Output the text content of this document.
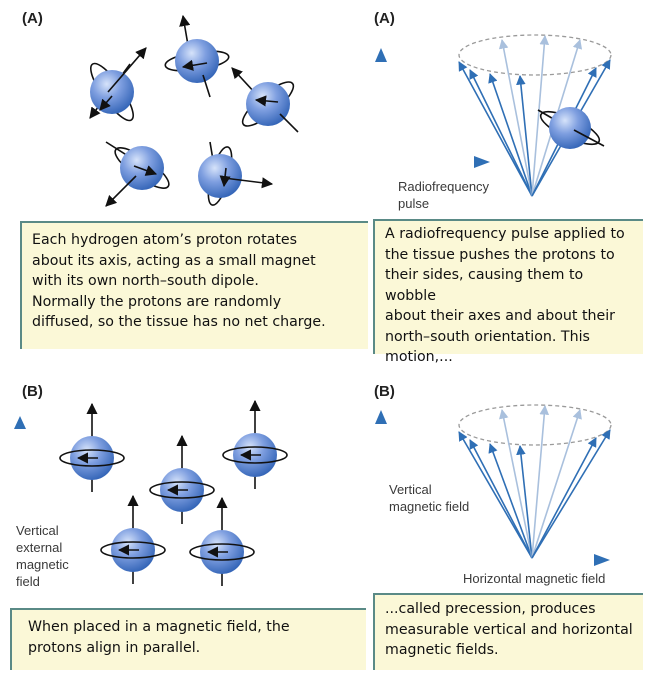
(A)	(A)
(B)	(B)
Radiofrequency
pulse
Vertical
external
magnetic
field
Vertical
magnetic field
Horizontal magnetic field
Each hydrogen atom’s proton rotates
about its axis, acting as a small magnet
with its own north–south dipole.
Normally the protons are randomly
diffused, so the tissue has no net charge.
A radiofrequency pulse applied to
the tissue pushes the protons to
their sides, causing them to wobble
about their axes and about their
north–south orientation. This
motion,...
When placed in a magnetic field, the
protons align in parallel.
...called precession, produces
measurable vertical and horizontal
magnetic fields.
